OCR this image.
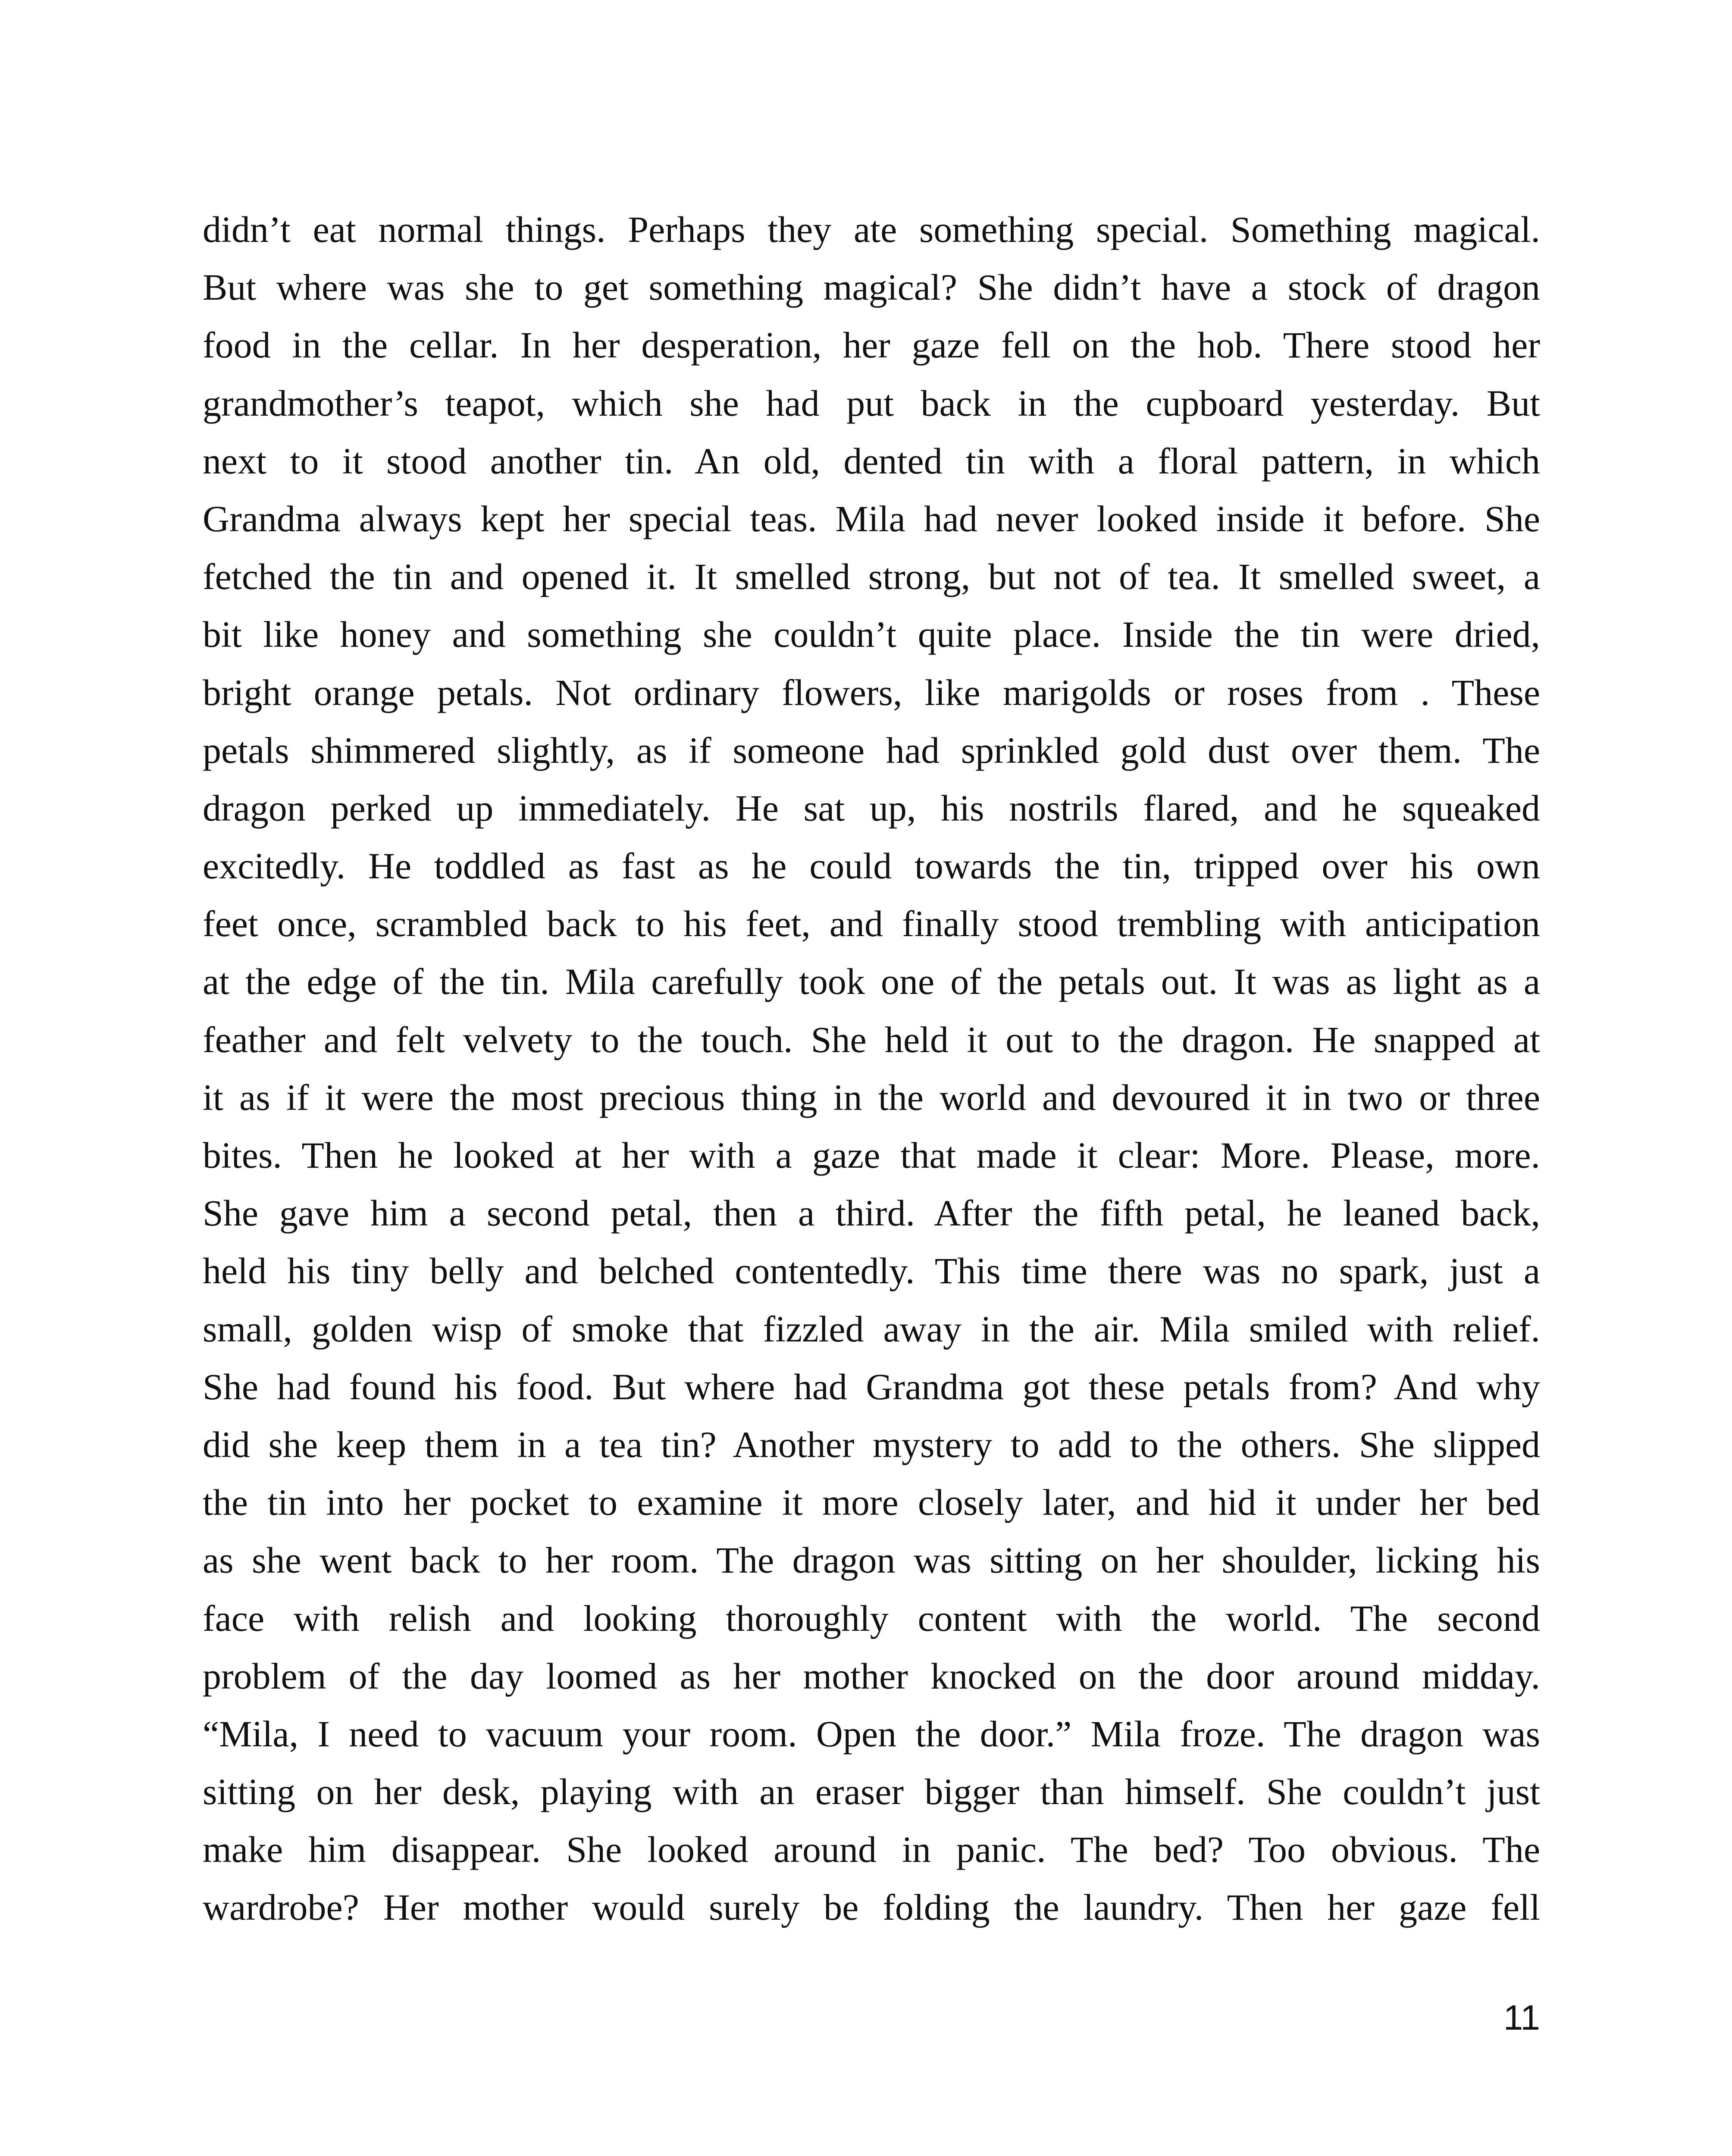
didn’t eat normal things. Perhaps they ate something special. Something magical.
But where was she to get something magical? She didn’t have a stock of dragon
food in the cellar. In her desperation, her gaze fell on the hob. There stood her
grandmother’s teapot, which she had put back in the cupboard yesterday. But
next to it stood another tin. An old, dented tin with a floral pattern, in which
Grandma always kept her special teas. Mila had never looked inside it before. She
fetched the tin and opened it. It smelled strong, but not of tea. It smelled sweet, a
bit like honey and something she couldn’t quite place. Inside the tin were dried,
bright orange petals. Not ordinary flowers, like marigolds or roses from . These
petals shimmered slightly, as if someone had sprinkled gold dust over them. The
dragon perked up immediately. He sat up, his nostrils flared, and he squeaked
excitedly. He toddled as fast as he could towards the tin, tripped over his own
feet once, scrambled back to his feet, and finally stood trembling with anticipation
at the edge of the tin. Mila carefully took one of the petals out. It was as light as a
feather and felt velvety to the touch. She held it out to the dragon. He snapped at
it as if it were the most precious thing in the world and devoured it in two or three
bites. Then he looked at her with a gaze that made it clear: More. Please, more.
She gave him a second petal, then a third. After the fifth petal, he leaned back,
held his tiny belly and belched contentedly. This time there was no spark, just a
small, golden wisp of smoke that fizzled away in the air. Mila smiled with relief.
She had found his food. But where had Grandma got these petals from? And why
did she keep them in a tea tin? Another mystery to add to the others. She slipped
the tin into her pocket to examine it more closely later, and hid it under her bed
as she went back to her room. The dragon was sitting on her shoulder, licking his
face with relish and looking thoroughly content with the world. The second
problem of the day loomed as her mother knocked on the door around midday.
“Mila, I need to vacuum your room. Open the door.” Mila froze. The dragon was
sitting on her desk, playing with an eraser bigger than himself. She couldn’t just
make him disappear. She looked around in panic. The bed? Too obvious. The
wardrobe? Her mother would surely be folding the laundry. Then her gaze fell
11
